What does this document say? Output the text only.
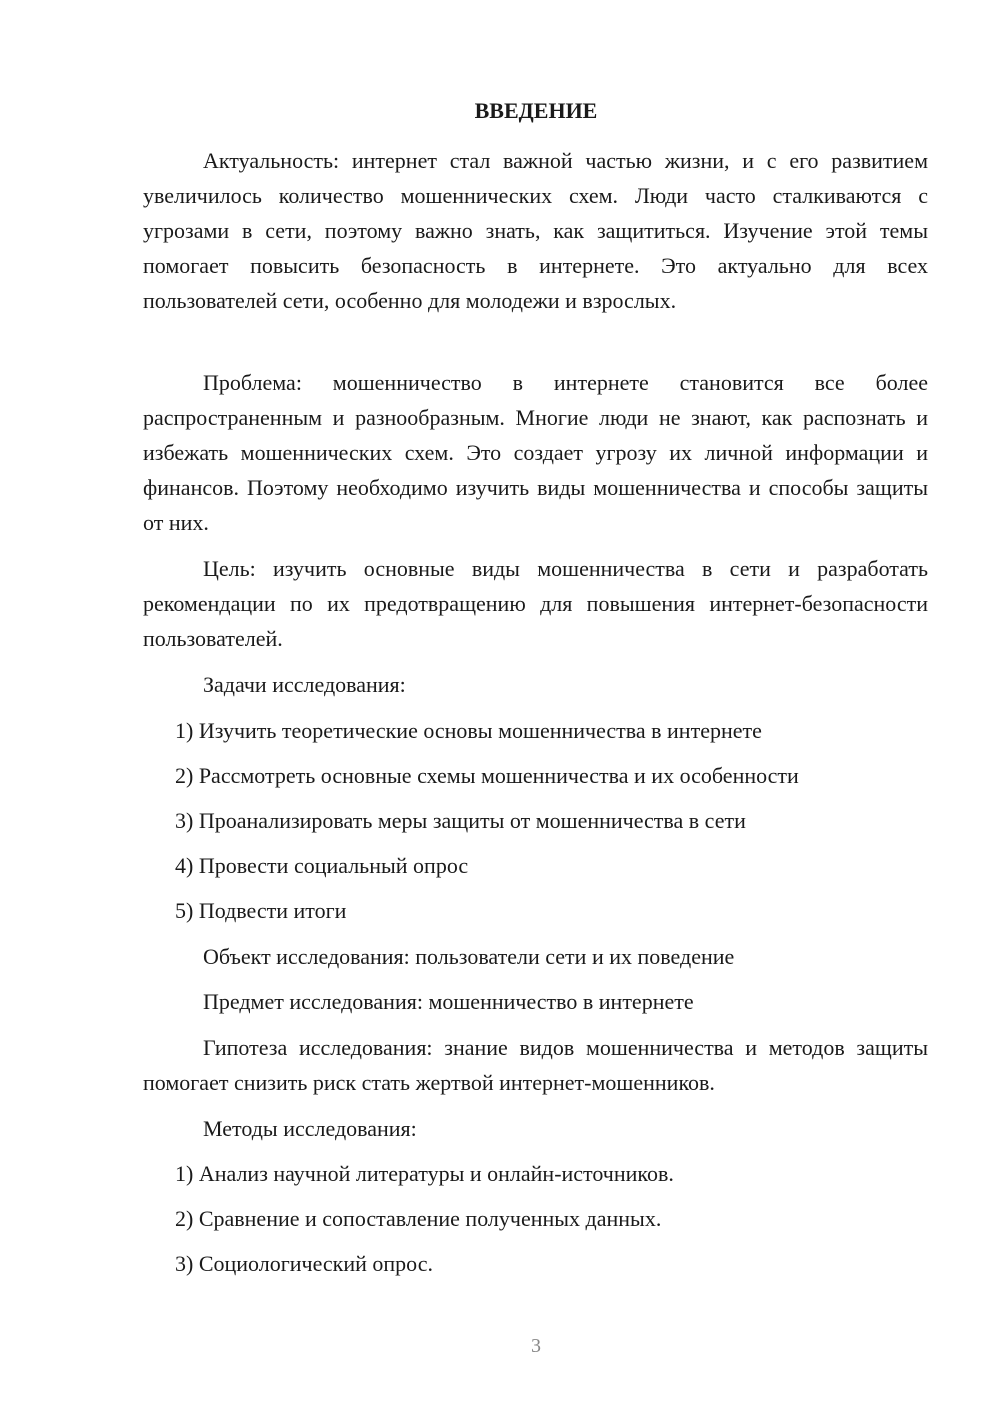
ВВЕДЕНИЕ
Актуальность: интернет стал важной частью жизни, и с его развитием увеличилось количество мошеннических схем. Люди часто сталкиваются с угрозами в сети, поэтому важно знать, как защититься. Изучение этой темы помогает повысить безопасность в интернете. Это актуально для всех пользователей сети, особенно для молодежи и взрослых.
Проблема: мошенничество в интернете становится все более распространенным и разнообразным. Многие люди не знают, как распознать и избежать мошеннических схем. Это создает угрозу их личной информации и финансов. Поэтому необходимо изучить виды мошенничества и способы защиты от них.
Цель: изучить основные виды мошенничества в сети и разработать рекомендации по их предотвращению для повышения интернет-безопасности пользователей.
Задачи исследования:
1) Изучить теоретические основы мошенничества в интернете
2) Рассмотреть основные схемы мошенничества и их особенности
3) Проанализировать меры защиты от мошенничества в сети
4) Провести социальный опрос
5) Подвести итоги
Объект исследования: пользователи сети и их поведение
Предмет исследования: мошенничество в интернете
Гипотеза исследования: знание видов мошенничества и методов защиты помогает снизить риск стать жертвой интернет-мошенников.
Методы исследования:
1) Анализ научной литературы и онлайн-источников.
2) Сравнение и сопоставление полученных данных.
3) Социологический опрос.
3
